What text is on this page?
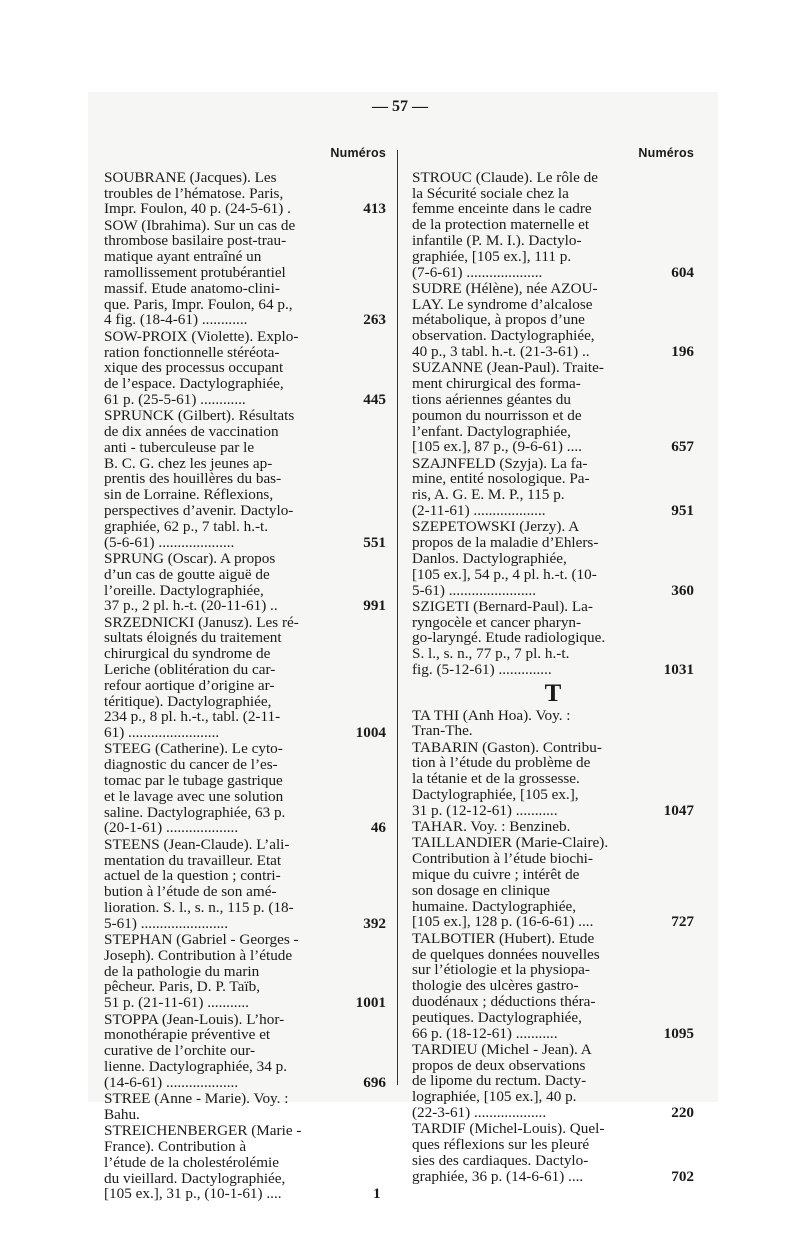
— 57 —
Numéros
SOUBRANE (Jacques). Les
troubles de l’hématose. Paris,
413
Impr. Foulon, 40 p. (24-5-61) .
SOW (Ibrahima). Sur un cas de
thrombose basilaire post-trau-
matique ayant entraîné un
ramollissement protubérantiel
massif. Etude anatomo-clini-
que. Paris, Impr. Foulon, 64 p.,
263
4 fig. (18-4-61) ............
SOW-PROIX (Violette). Explo-
ration fonctionnelle stéréota-
xique des processus occupant
de l’espace. Dactylographiée,
445
61 p. (25-5-61) ............
SPRUNCK (Gilbert). Résultats
de dix années de vaccination
anti - tuberculeuse par le
B. C. G. chez les jeunes ap-
prentis des houillères du bas-
sin de Lorraine. Réflexions,
perspectives d’avenir. Dactylo-
graphiée, 62 p., 7 tabl. h.-t.
551
(5-6-61) ....................
SPRUNG (Oscar). A propos
d’un cas de goutte aiguë de
l’oreille. Dactylographiée,
991
37 p., 2 pl. h.-t. (20-11-61) ..
SRZEDNICKI (Janusz). Les ré-
sultats éloignés du traitement
chirurgical du syndrome de
Leriche (oblitération du car-
refour aortique d’origine ar-
téritique). Dactylographiée,
234 p., 8 pl. h.-t., tabl. (2-11-
1004
61) ........................
STEEG (Catherine). Le cyto-
diagnostic du cancer de l’es-
tomac par le tubage gastrique
et le lavage avec une solution
saline. Dactylographiée, 63 p.
46
(20-1-61) ...................
STEENS (Jean-Claude). L’ali-
mentation du travailleur. Etat
actuel de la question ; contri-
bution à l’étude de son amé-
lioration. S. l., s. n., 115 p. (18-
392
5-61) .......................
STEPHAN (Gabriel - Georges -
Joseph). Contribution à l’étude
de la pathologie du marin
pêcheur. Paris, D. P. Taïb,
1001
51 p. (21-11-61) ...........
STOPPA (Jean-Louis). L’hor-
monothérapie préventive et
curative de l’orchite our-
lienne. Dactylographiée, 34 p.
696
(14-6-61) ...................
STREE (Anne - Marie). Voy. :
Bahu.
STREICHENBERGER (Marie -
France). Contribution à
l’étude de la cholestérolémie
du vieillard. Dactylographiée,
1
[105 ex.], 31 p., (10-1-61) ....
Numéros
STROUC (Claude). Le rôle de
la Sécurité sociale chez la
femme enceinte dans le cadre
de la protection maternelle et
infantile (P. M. I.). Dactylo-
graphiée, [105 ex.], 111 p.
604
(7-6-61) ....................
SUDRE (Hélène), née AZOU-
LAY. Le syndrome d’alcalose
métabolique, à propos d’une
observation. Dactylographiée,
196
40 p., 3 tabl. h.-t. (21-3-61) ..
SUZANNE (Jean-Paul). Traite-
ment chirurgical des forma-
tions aériennes géantes du
poumon du nourrisson et de
l’enfant. Dactylographiée,
657
[105 ex.], 87 p., (9-6-61) ....
SZAJNFELD (Szyja). La fa-
mine, entité nosologique. Pa-
ris, A. G. E. M. P., 115 p.
951
(2-11-61) ...................
SZEPETOWSKI (Jerzy). A
propos de la maladie d’Ehlers-
Danlos. Dactylographiée,
[105 ex.], 54 p., 4 pl. h.-t. (10-
360
5-61) .......................
SZIGETI (Bernard-Paul). La-
ryngocèle et cancer pharyn-
go-laryngé. Etude radiologique.
S. l., s. n., 77 p., 7 pl. h.-t.
1031
fig. (5-12-61) ..............
T
TA THI (Anh Hoa). Voy. :
Tran-The.
TABARIN (Gaston). Contribu-
tion à l’étude du problème de
la tétanie et de la grossesse.
Dactylographiée, [105 ex.],
1047
31 p. (12-12-61) ...........
TAHAR. Voy. : Benzineb.
TAILLANDIER (Marie-Claire).
Contribution à l’étude biochi-
mique du cuivre ; intérêt de
son dosage en clinique
humaine. Dactylographiée,
727
[105 ex.], 128 p. (16-6-61) ....
TALBOTIER (Hubert). Etude
de quelques données nouvelles
sur l’étiologie et la physiopa-
thologie des ulcères gastro-
duodénaux ; déductions théra-
peutiques. Dactylographiée,
1095
66 p. (18-12-61) ...........
TARDIEU (Michel - Jean). A
propos de deux observations
de lipome du rectum. Dacty-
lographiée, [105 ex.], 40 p.
220
(22-3-61) ...................
TARDIF (Michel-Louis). Quel-
ques réflexions sur les pleuré
sies des cardiaques. Dactylo-
702
graphiée, 36 p. (14-6-61) ....
